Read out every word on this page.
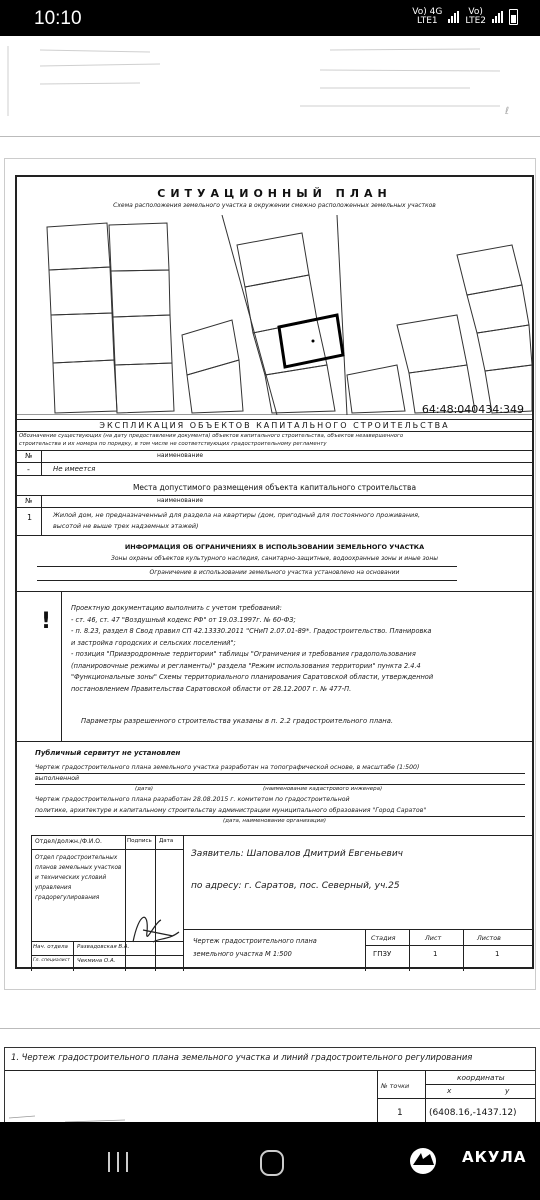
10:10	Vo) 4G
LTE1
Vo)
LTE2
ℓ
СИТУАЦИОННЫЙ ПЛАН
Схема расположения земельного участка в окружении смежно расположенных земельных участков
64:48:040434:349
ЭКСПЛИКАЦИЯ ОБЪЕКТОВ КАПИТАЛЬНОГО СТРОИТЕЛЬСТВА
Обозначение существующих (на дату предоставления документа) объектов капитального строительства, объектов незавершенного
строительства и их номера по порядку, в том числе не соответствующих градостроительному регламенту
№	наименование
-	Не имеется
Места допустимого размещения объекта капитального строительства
№	наименование
1	Жилой дом, не предназначенный для раздела на квартиры (дом, пригодный для постоянного проживания,
высотой не выше трех надземных этажей)
ИНФОРМАЦИЯ ОБ ОГРАНИЧЕНИЯХ В ИСПОЛЬЗОВАНИИ ЗЕМЕЛЬНОГО УЧАСТКА
Зоны охраны объектов культурного наследия, санитарно-защитные, водоохранные зоны и иные зоны
Ограничение в использовании земельного участка установлено на основании
!
Проектную документацию выполнить с учетом требований:
- ст. 46, ст. 47 "Воздушный кодекс РФ" от 19.03.1997г. № 60-ФЗ;
- п. 8.23, раздел 8 Свод правил СП 42.13330.2011 "СНиП 2.07.01-89*. Градостроительство. Планировка
и застройка городских и сельских поселений";
- позиция "Приаэродромные территории" таблицы "Ограничения и требования градопользования
(планировочные режимы и регламенты)" раздела "Режим использования территории" пункта 2.4.4
"Функциональные зоны" Схемы территориального планирования Саратовской области, утвержденной
постановлением Правительства Саратовской области от 28.12.2007 г. № 477-П.
Параметры разрешенного строительства указаны в п. 2.2 градостроительного плана.
Публичный сервитут не установлен
Чертеж градостроительного плана земельного участка разработан на топографической основе, в масштабе (1:500)
выполненной
(дата)	(наименование кадастрового инженера)
Чертеж градостроительного плана разработан 28.08.2015 г. комитетом по градостроительной
политике, архитектуре и капитальному строительству администрации муниципального образования "Город Саратов"
(дата, наименование организации)
Отдел/должн./Ф.И.О.	Подпись Дата
Отдел градостроительных
планов земельных участков
и технических условий
управления
градорегулирования
Нач. отдела Развадовская В.А.
Гл. специалист Чекмина О.А.
Заявитель: Шаповалов Дмитрий Евгеньевич
по адресу: г. Саратов, пос. Северный, уч.25
Чертеж градостроительного плана
земельного участка М 1:500
Стадия	Лист	Листов
ГПЗУ	1	1
1. Чертеж градостроительного плана земельного участка и линий градостроительного регулирования
№ точки
координаты
x	y
1	(6408.16,-1437.12)
АКУЛА
